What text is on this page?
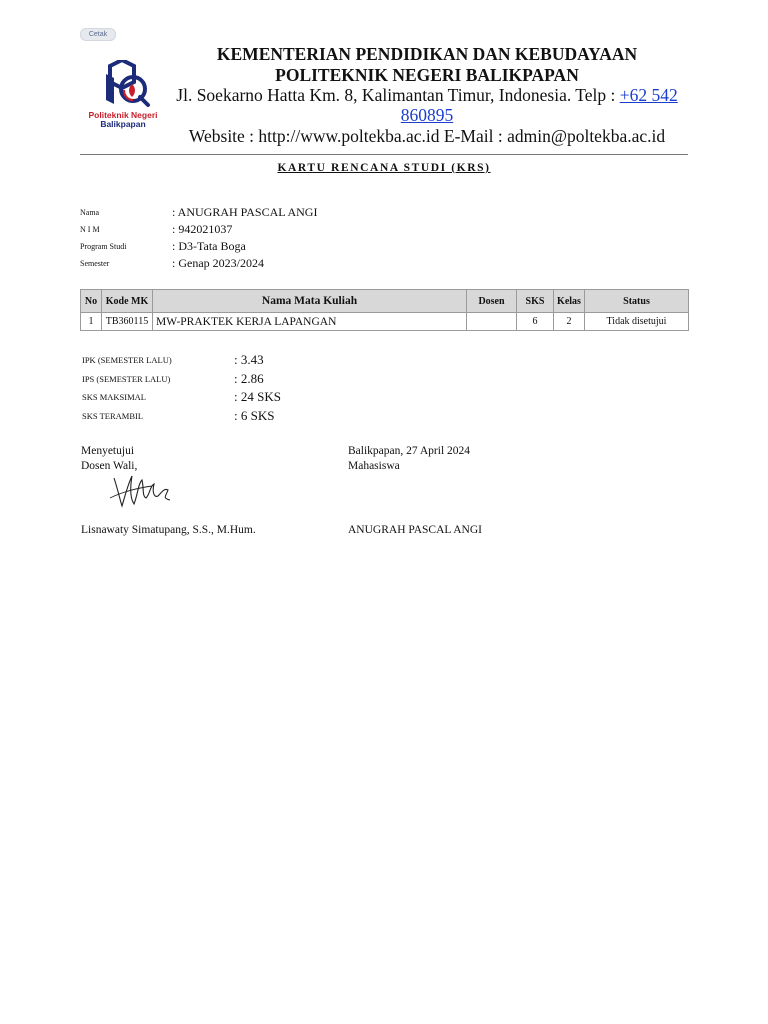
Cetak
Politeknik Negeri
Balikpapan
KEMENTERIAN PENDIDIKAN DAN KEBUDAYAAN
POLITEKNIK NEGERI BALIKPAPAN
Jl. Soekarno Hatta Km. 8, Kalimantan Timur, Indonesia. Telp : +62 542
860895
Website : http://www.poltekba.ac.id E-Mail : admin@poltekba.ac.id
KARTU RENCANA STUDI (KRS)
Nama	: ANUGRAH PASCAL ANGI
N I M	: 942021037
Program Studi	: D3-Tata Boga
Semester	: Genap 2023/2024
No	Kode MK	Nama Mata Kuliah	Dosen	SKS	Kelas	Status
1	TB360115	MW-PRAKTEK KERJA LAPANGAN		6	2	Tidak disetujui
IPK (SEMESTER LALU)	: 3.43
IPS (SEMESTER LALU)	: 2.86
SKS MAKSIMAL	: 24 SKS
SKS TERAMBIL	: 6 SKS
Menyetujui
Dosen Wali,
Lisnawaty Simatupang, S.S., M.Hum.
Balikpapan, 27 April 2024
Mahasiswa
ANUGRAH PASCAL ANGI
